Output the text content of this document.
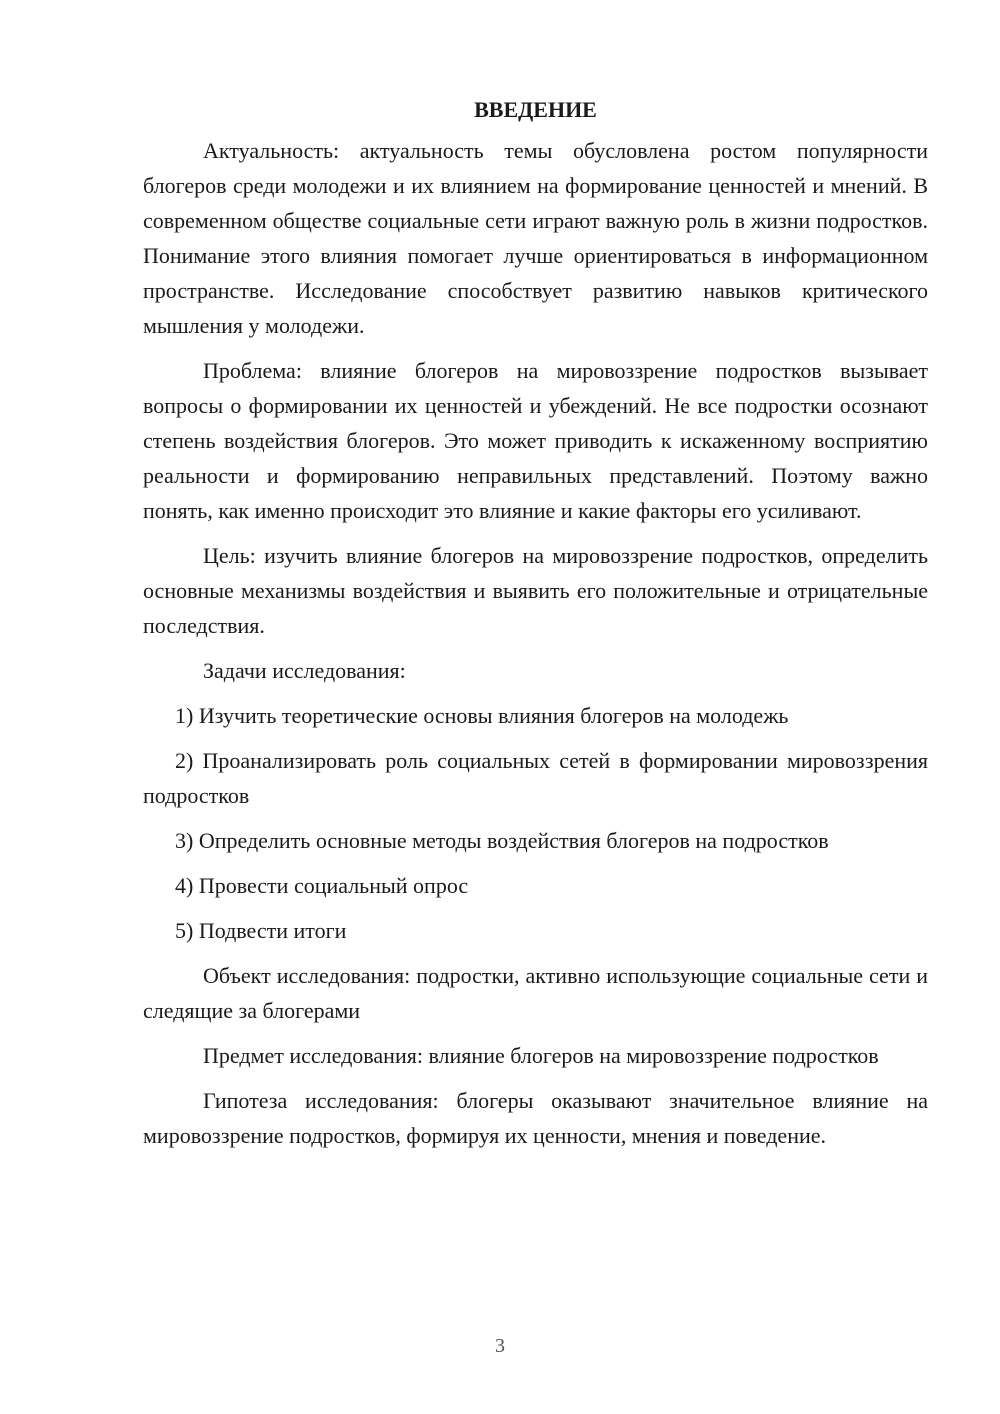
ВВЕДЕНИЕ

Актуальность: актуальность темы обусловлена ростом популярности блогеров среди молодежи и их влиянием на формирование ценностей и мнений. В современном обществе социальные сети играют важную роль в жизни подростков. Понимание этого влияния помогает лучше ориентироваться в информационном пространстве. Исследование способствует развитию навыков критического мышления у молодежи.

Проблема: влияние блогеров на мировоззрение подростков вызывает вопросы о формировании их ценностей и убеждений. Не все подростки осознают степень воздействия блогеров. Это может приводить к искаженному восприятию реальности и формированию неправильных представлений. Поэтому важно понять, как именно происходит это влияние и какие факторы его усиливают.

Цель: изучить влияние блогеров на мировоззрение подростков, определить основные механизмы воздействия и выявить его положительные и отрицательные последствия.

Задачи исследования:

1) Изучить теоретические основы влияния блогеров на молодежь

2) Проанализировать роль социальных сетей в формировании мировоззрения подростков

3) Определить основные методы воздействия блогеров на подростков

4) Провести социальный опрос

5) Подвести итоги

Объект исследования: подростки, активно использующие социальные сети и следящие за блогерами

Предмет исследования: влияние блогеров на мировоззрение подростков

Гипотеза исследования: блогеры оказывают значительное влияние на мировоззрение подростков, формируя их ценности, мнения и поведение.

3
